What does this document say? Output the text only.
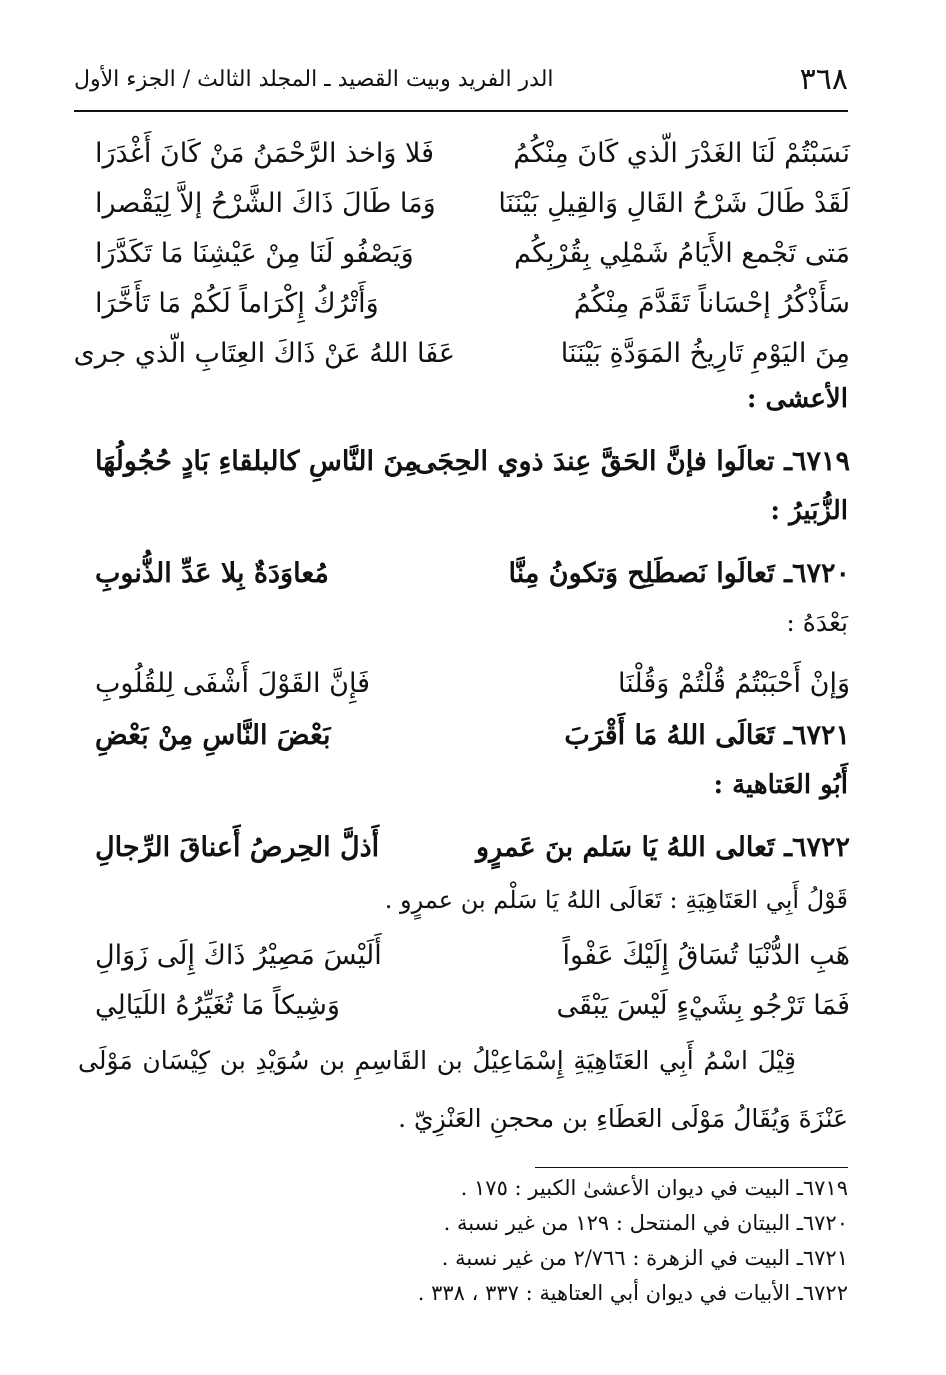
٣٦٨
الدر الفريد وبيت القصيد ـ المجلد الثالث / الجزء الأول
نَسَبْتُمْ لَنَا الغَدْرَ الّذي كَانَ مِنْكُمُ
فَلا وَاخذ الرَّحْمَنُ مَنْ كَانَ أَغْدَرَا
لَقَدْ طَالَ شَرْحُ القَالِ وَالقِيلِ بَيْنَنَا
وَمَا طَالَ ذَاكَ الشَّرْحُ إلاَّ لِيَقْصرا
مَتى تَجْمع الأَيَامُ شَمْلِي بِقُرْبِكُم
وَيَصْفُو لَنَا مِنْ عَيْشِنَا مَا تَكَدَّرَا
سَأَذْكُرُ إحْسَاناً تَقَدَّمَ مِنْكُمُ
وَأَتْرُكُ إِكْرَاماً لَكُمْ مَا تَأَخَّرَا
مِنَ اليَوْمِ تَارِيخُ المَوَدَّةِ بَيْنَنَا
عَفَا اللهُ عَنْ ذَاكَ العِتَابِ الّذي جرى
الأعشى :
٦٧١٩ـ تعالَوا فإنَّ الحَقَّ عِندَ ذوي الحِجَى
مِنَ النَّاسِ كالبلقاءِ بَادٍ حُجُولُهَا
الزُّبَيرُ :
٦٧٢٠ـ تَعالَوا نَصطَلِح وَتكونُ مِنَّا
مُعاوَدَةٌ بِلا عَدِّ الذُّنوبِ
بَعْدَهُ :
وَإنْ أَحْبَبْتُمُ قُلْتُمْ وَقُلْنَا
فَإِنَّ القَوْلَ أَشْفَى لِلقُلُوبِ
٦٧٢١ـ تَعَالَى اللهُ مَا أَقْرَبَ
بَعْضَ النَّاسِ مِنْ بَعْضِ
أَبُو العَتاهية :
٦٧٢٢ـ تَعالى اللهُ يَا سَلم بنَ عَمرٍو
أَذلَّ الحِرصُ أَعناقَ الرِّجالِ
قَوْلُ أَبِي العَتَاهِيَةِ : تَعَالَى اللهُ يَا سَلْم بن عمرٍو .
هَبِ الدُّنْيَا تُسَاقُ إِلَيْكَ عَفْواً
أَلَيْسَ مَصِيْرُ ذَاكَ إِلَى زَوَالِ
فَمَا تَرْجُو بِشَيْءٍ لَيْسَ يَبْقَى
وَشِيكاً مَا تُغَيِّرُهُ اللَيَالِي
قِيْلَ اسْمُ أَبِي العَتَاهِيَةِ إِسْمَاعِيْلُ بن القَاسِمِ بن سُوَيْدِ بن كِيْسَان مَوْلَى عَنْزَةَ وَيُقَالُ مَوْلَى العَطَاءِ بن محجنِ العَنْزِيّ .
٦٧١٩ـ البيت في ديوان الأعشىٰ الكبير : ١٧٥ .
٦٧٢٠ـ البيتان في المنتحل : ١٢٩ من غير نسبة .
٦٧٢١ـ البيت في الزهرة : ٢/٧٦٦ من غير نسبة .
٦٧٢٢ـ الأبيات في ديوان أبي العتاهية : ٣٣٧ ، ٣٣٨ .
